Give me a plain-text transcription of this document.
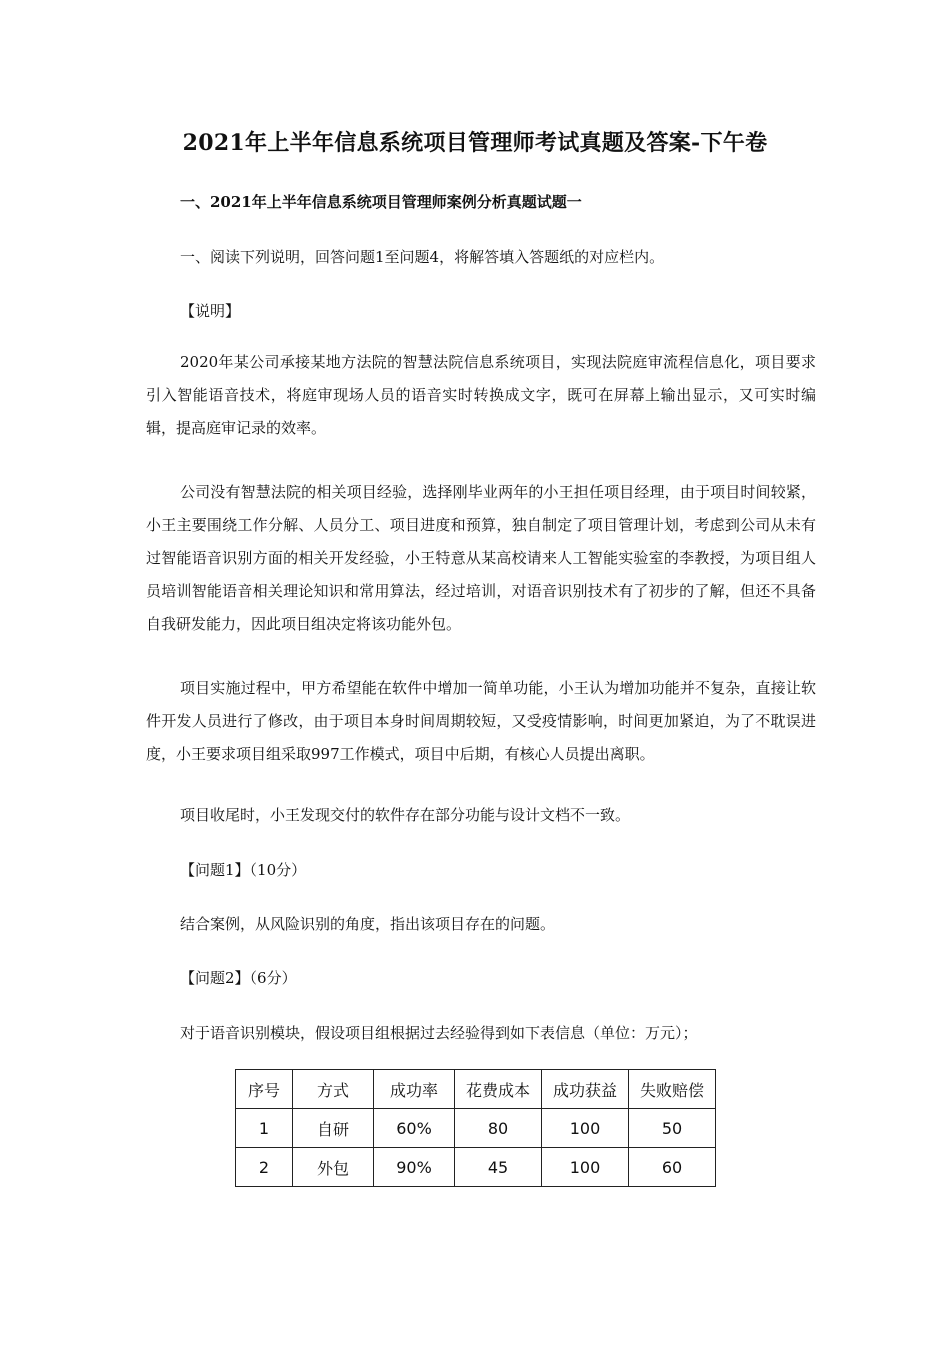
2021年上半年信息系统项目管理师考试真题及答案-下午卷
一、2021年上半年信息系统项目管理师案例分析真题试题一
一、阅读下列说明，回答问题1至问题4，将解答填入答题纸的对应栏内。
【说明】
2020年某公司承接某地方法院的智慧法院信息系统项目，实现法院庭审流程信息化，项目要求引入智能语音技术，将庭审现场人员的语音实时转换成文字，既可在屏幕上输出显示，又可实时编辑，提高庭审记录的效率。
公司没有智慧法院的相关项目经验，选择刚毕业两年的小王担任项目经理，由于项目时间较紧，小王主要围绕工作分解、人员分工、项目进度和预算，独自制定了项目管理计划，考虑到公司从未有过智能语音识别方面的相关开发经验，小王特意从某高校请来人工智能实验室的李教授，为项目组人员培训智能语音相关理论知识和常用算法，经过培训，对语音识别技术有了初步的了解，但还不具备自我研发能力，因此项目组决定将该功能外包。
项目实施过程中，甲方希望能在软件中增加一简单功能，小王认为增加功能并不复杂，直接让软件开发人员进行了修改，由于项目本身时间周期较短，又受疫情影响，时间更加紧迫，为了不耽误进度，小王要求项目组采取997工作模式，项目中后期，有核心人员提出离职。
项目收尾时，小王发现交付的软件存在部分功能与设计文档不一致。
【问题1】（10分）
结合案例，从风险识别的角度，指出该项目存在的问题。
【问题2】（6分）
对于语音识别模块，假设项目组根据过去经验得到如下表信息（单位：万元）；
序号	方式	成功率	花费成本	成功获益	失败赔偿
1	自研	60%	80	100	50
2	外包	90%	45	100	60
